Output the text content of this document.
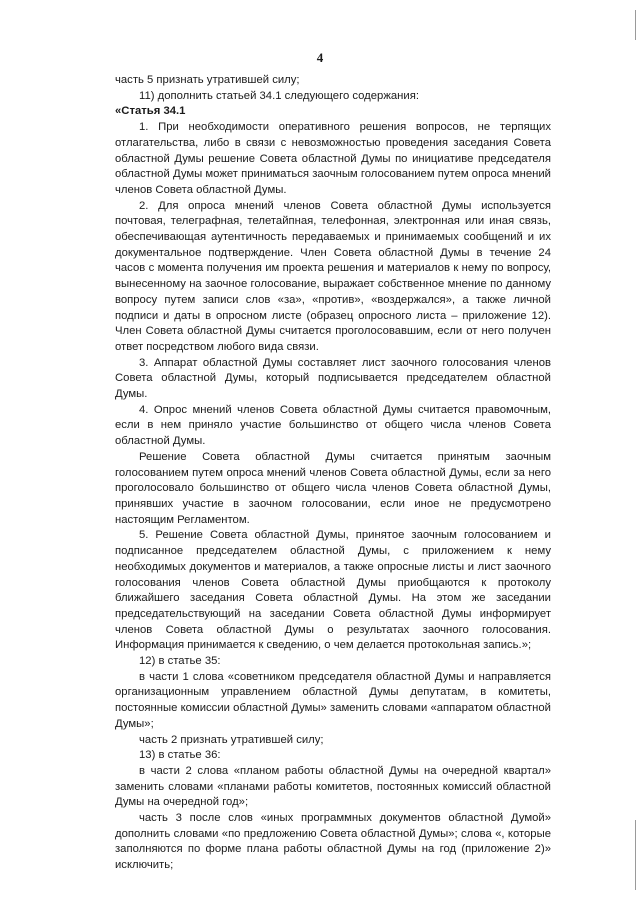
4

часть 5 признать утратившей силу;

11) дополнить статьей 34.1 следующего содержания:

«Статья 34.1

1. При необходимости оперативного решения вопросов, не терпящих отлагательства, либо в связи с невозможностью проведения заседания Совета областной Думы решение Совета областной Думы по инициативе председателя областной Думы может приниматься заочным голосованием путем опроса мнений членов Совета областной Думы.

2. Для опроса мнений членов Совета областной Думы используется почтовая, телеграфная, телетайпная, телефонная, электронная или иная связь, обеспечивающая аутентичность передаваемых и принимаемых сообщений и их документальное подтверждение. Член Совета областной Думы в течение 24 часов с момента получения им проекта решения и материалов к нему по вопросу, вынесенному на заочное голосование, выражает собственное мнение по данному вопросу путем записи слов «за», «против», «воздержался», а также личной подписи и даты в опросном листе (образец опросного листа – приложение 12). Член Совета областной Думы считается проголосовавшим, если от него получен ответ посредством любого вида связи.

3. Аппарат областной Думы составляет лист заочного голосования членов Совета областной Думы, который подписывается председателем областной Думы.

4. Опрос мнений членов Совета областной Думы считается правомочным, если в нем приняло участие большинство от общего числа членов Совета областной Думы.

Решение Совета областной Думы считается принятым заочным голосованием путем опроса мнений членов Совета областной Думы, если за него проголосовало большинство от общего числа членов Совета областной Думы, принявших участие в заочном голосовании, если иное не предусмотрено настоящим Регламентом.

5. Решение Совета областной Думы, принятое заочным голосованием и подписанное председателем областной Думы, с приложением к нему необходимых документов и материалов, а также опросные листы и лист заочного голосования членов Совета областной Думы приобщаются к протоколу ближайшего заседания Совета областной Думы. На этом же заседании председательствующий на заседании Совета областной Думы информирует членов Совета областной Думы о результатах заочного голосования. Информация принимается к сведению, о чем делается протокольная запись.»;

12) в статье 35:

в части 1 слова «советником председателя областной Думы и направляется организационным управлением областной Думы депутатам, в комитеты, постоянные комиссии областной Думы» заменить словами «аппаратом областной Думы»;

часть 2 признать утратившей силу;

13) в статье 36:

в части 2 слова «планом работы областной Думы на очередной квартал» заменить словами «планами работы комитетов, постоянных комиссий областной Думы на очередной год»;

часть 3 после слов «иных программных документов областной Думой» дополнить словами «по предложению Совета областной Думы»; слова «, которые заполняются по форме плана работы областной Думы на год (приложение 2)» исключить;
